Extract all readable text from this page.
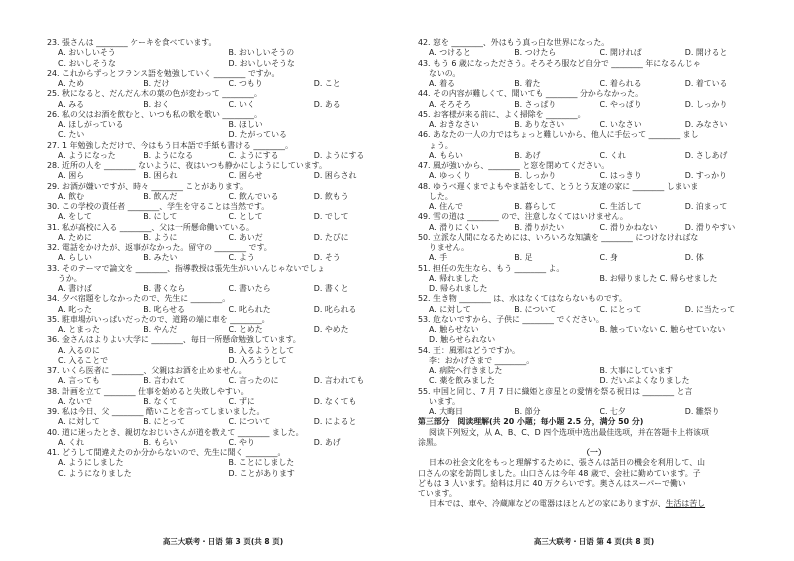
23. 張さんは ________ ケーキを食べています。
A. おいしいそう	B. おいしいそうの
C. おいしそうな	D. おいしいそうな
24. これからずっとフランス語を勉強していく ________ ですか。
A. ため	B. だけ	C. つもり	D. こと
25. 秋になると、だんだん木の葉の色が変わって ________。
A. みる	B. おく	C. いく	D. ある
26. 私の父はお酒を飲むと、いつも私の歌を歌い ________。
A. ほしがっている	B. ほしい
C. たい	D. たがっている
27. 1 年勉強しただけで、今はもう日本語で手紙も書ける ________。
A. ようになった	B. ようになる	C. ようにする	D. ようにする
28. 近所の人を ________ ないように、夜はいつも静かにしようにしています。
A. 困ら	B. 困られ	C. 困らせ	D. 困らされ
29. お酒が嫌いですが、時々 ________ ことがあります。
A. 飲む	B. 飲んだ	C. 飲んでいる	D. 飲もう
30. この学校の責任者 ________、学生を守ることは当然です。
A. をして	B. にして	C. として	D. でして
31. 私が高校に入る ________、父は一所懸命働いている。
A. ために	B. ように	C. あいだ	D. たびに
32. 電話をかけたが、返事がなかった。留守の ________ です。
A. らしい	B. みたい	C. よう	D. そう
33. そのテーマで論文を ________、指導教授は張先生がいいんじゃないでしょ
うか。
A. 書けば	B. 書くなら	C. 書いたら	D. 書くと
34. 夕べ宿題をしなかったので、先生に ________。
A. 叱った	B. 叱らせる	C. 叱られた	D. 叱られる
35. 駐車場がいっぱいだったので、道路の端に車を ________。
A. とまった	B. やんだ	C. とめた	D. やめた
36. 金さんはよりよい大学に ________、毎日一所懸命勉強しています。
A. 入るのに	B. 入るようとして
C. 入ることで	D. 入ろうとして
37. いくら医者に ________、父親はお酒を止めません。
A. 言っても	B. 言われて	C. 言ったのに	D. 言われても
38. 計画を立て ________ 仕事を始めると失敗しやすい。
A. ないで	B. なくて	C. ずに	D. なくても
39. 私は今日、父 ________ 酷いことを言ってしまいました。
A. に対して	B. にとって	C. について	D. によると
40. 道に迷ったとき、親切なおじいさんが道を教えて ________ ました。
A. くれ	B. もらい	C. やり	D. あげ
41. どうして間違えたのか分からないので、先生に聞く ________。
A. ようにしました	B. ことにしました
C. ようになりました	D. ことがあります
42. 窓を ________、外はもう真っ白な世界になった。
A. つけると	B. つけたら	C. 開けれぱ	D. 開けると
43. もう 6 歳になったださう。そろそろ服など自分で ________ 年になるんじゃ
ないの。
A. 着る	B. 着た	C. 着られる	D. 着ている
44. その内容が難しくて、聞いても ________ 分からなかった。
A. そろそろ	B. さっぱり	C. やっぱり	D. しっかり
45. お客様が来る前に、よく掃除を ________。
A. おきなさい	B. ありなさい	C. いなさい	D. みなさい
46. あなたの一人の力ではちょっと難しいから、他人に手伝って ________ まし
ょう。
A. もらい	B. あげ	C. くれ	D. さしあげ
47. 風が強いから、________ と窓を閉めてください。
A. ゆっくり	B. しっかり	C. はっきり	D. すっかり
48. ゆうべ遅くまでよもやま話をして、とうとう友達の家に ________ しまいま
した。
A. 住んで	B. 暮らして	C. 生活して	D. 泊まって
49. 雪の道は ________ ので、注意しなくてはいけません。
A. 滑りにくい	B. 滑りがたい	C. 滑りかねない	D. 滑りやすい
50. 立派な人間になるためには、いろいろな知識を ________ につけなければな
りません。
A. 手	B. 足	C. 身	D. 体
51. 担任の先生なら、もう ________ よ。
A. 帰れました	B. お帰りました C. 帰らせました
D. 帰られました
52. 生き物 ________ は、水はなくてはならないものです。
A. に対して	B. について	C. にとって	D. に当たって
53. 危ないですから、子供に ________ でください。
A. 触らせない	B. 触っていない C. 触らせていない
D. 触らせられない
54. 王：風邪はどうですか。
李：おかげさまで ________。
A. 病院へ行きました	B. 大事にしています
C. 薬を飲みました	D. だいぶよくなりました
55. 中国と同じ、7 月 7 日に織姫と彦星との愛情を祭る祝日は ________ と言
います。
A. 大晦日	B. 節分	C. 七夕	D. 雛祭り
第三部分　阅读理解(共 20 小题；每小题 2.5 分，满分 50 分)
阅读下列短文，从 A、B、C、D 四个选项中选出最佳选项，并在答题卡上将该项
涂黑。
（一）
日本の社会文化をもっと理解するために、張さんは話日の機会を利用して、山
口さんの家を訪問しました。山口さんは今年 48 歳で、会社に勤めています。子
どもは 3 人います。給料は月に 40 万クらいです。奥さんはスーパーで働い
ています。
日本では、車や、冷蔵庫などの電器はほとんどの家にありますが、生活は苦し
高三大联考・日语 第 3 页(共 8 页)	高三大联考・日语 第 4 页(共 8 页)
